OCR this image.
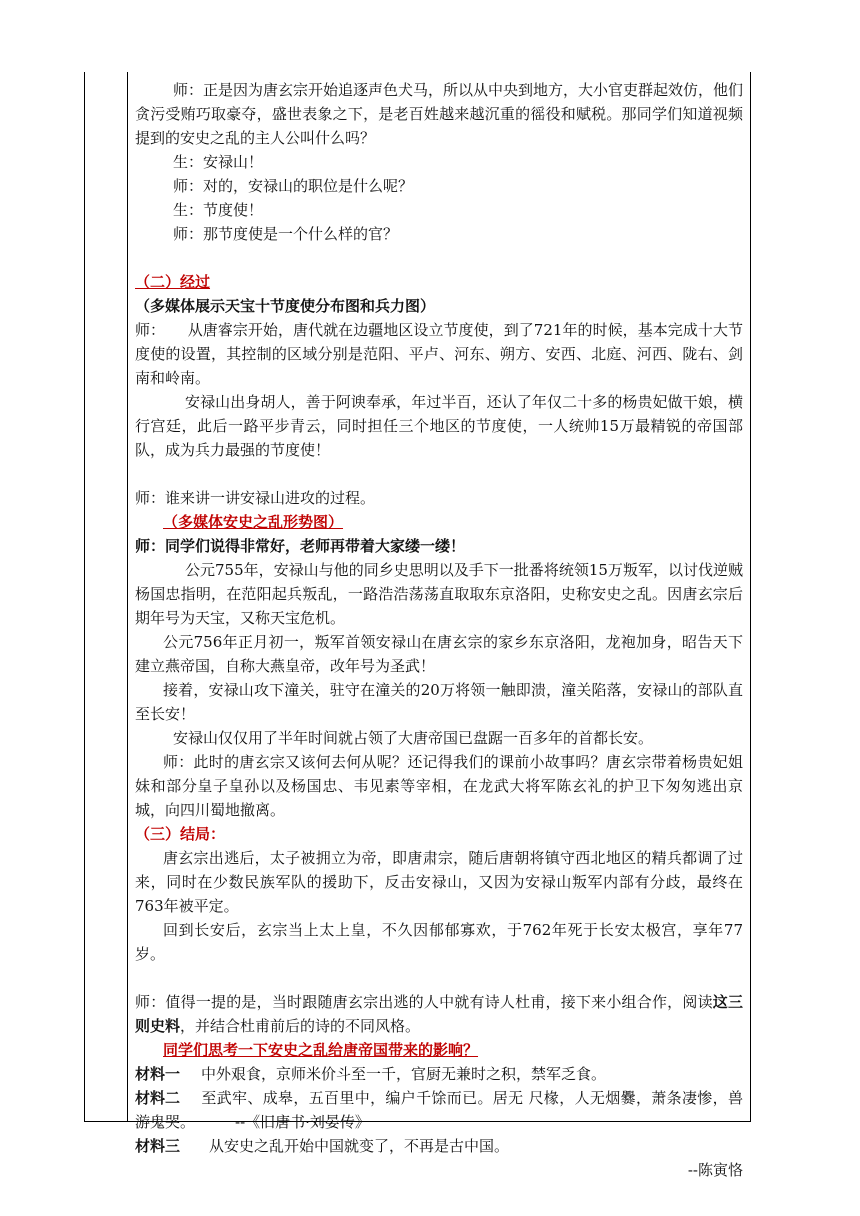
师：正是因为唐玄宗开始追逐声色犬马，所以从中央到地方，大小官吏群起效仿，他们贪污受贿巧取豪夺，盛世表象之下，是老百姓越来越沉重的徭役和赋税。那同学们知道视频提到的安史之乱的主人公叫什么吗？

生：安禄山！

师：对的，安禄山的职位是什么呢？

生：节度使！

师：那节度使是一个什么样的官？

（二）经过

（多媒体展示天宝十节度使分布图和兵力图）

师：　　从唐睿宗开始，唐代就在边疆地区设立节度使，到了721年的时候，基本完成十大节度使的设置，其控制的区域分别是范阳、平卢、河东、朔方、安西、北庭、河西、陇右、剑南和岭南。

安禄山出身胡人，善于阿谀奉承，年过半百，还认了年仅二十多的杨贵妃做干娘，横行宫廷，此后一路平步青云，同时担任三个地区的节度使，一人统帅15万最精锐的帝国部队，成为兵力最强的节度使！

师：谁来讲一讲安禄山进攻的过程。

（多媒体安史之乱形势图）

师：同学们说得非常好，老师再带着大家缕一缕！

公元755年，安禄山与他的同乡史思明以及手下一批番将统领15万叛军，以讨伐逆贼杨国忠指明，在范阳起兵叛乱，一路浩浩荡荡直取取东京洛阳，史称安史之乱。因唐玄宗后期年号为天宝，又称天宝危机。

公元756年正月初一，叛军首领安禄山在唐玄宗的家乡东京洛阳，龙袍加身，昭告天下建立燕帝国，自称大燕皇帝，改年号为圣武！

接着，安禄山攻下潼关，驻守在潼关的20万将领一触即溃，潼关陷落，安禄山的部队直至长安！

安禄山仅仅用了半年时间就占领了大唐帝国已盘踞一百多年的首都长安。

师：此时的唐玄宗又该何去何从呢？还记得我们的课前小故事吗？唐玄宗带着杨贵妃姐妹和部分皇子皇孙以及杨国忠、韦见素等宰相，在龙武大将军陈玄礼的护卫下匆匆逃出京城，向四川蜀地撤离。

（三）结局：

唐玄宗出逃后，太子被拥立为帝，即唐肃宗，随后唐朝将镇守西北地区的精兵都调了过来，同时在少数民族军队的援助下，反击安禄山，又因为安禄山叛军内部有分歧，最终在763年被平定。

回到长安后，玄宗当上太上皇，不久因郁郁寡欢，于762年死于长安太极宫，享年77岁。

师：值得一提的是，当时跟随唐玄宗出逃的人中就有诗人杜甫，接下来小组合作，阅读这三则史料，并结合杜甫前后的诗的不同风格。

同学们思考一下安史之乱给唐帝国带来的影响？

材料一 中外艰食，京师米价斗至一千，官厨无兼时之积，禁军乏食。

材料二 至武牢、成皋，五百里中，编户千馀而已。居无 尺椽，人无烟爨，萧条凄惨，兽游鬼哭。	--《旧唐书·刘晏传》

材料三 从安史之乱开始中国就变了，不再是古中国。

--陈寅恪
